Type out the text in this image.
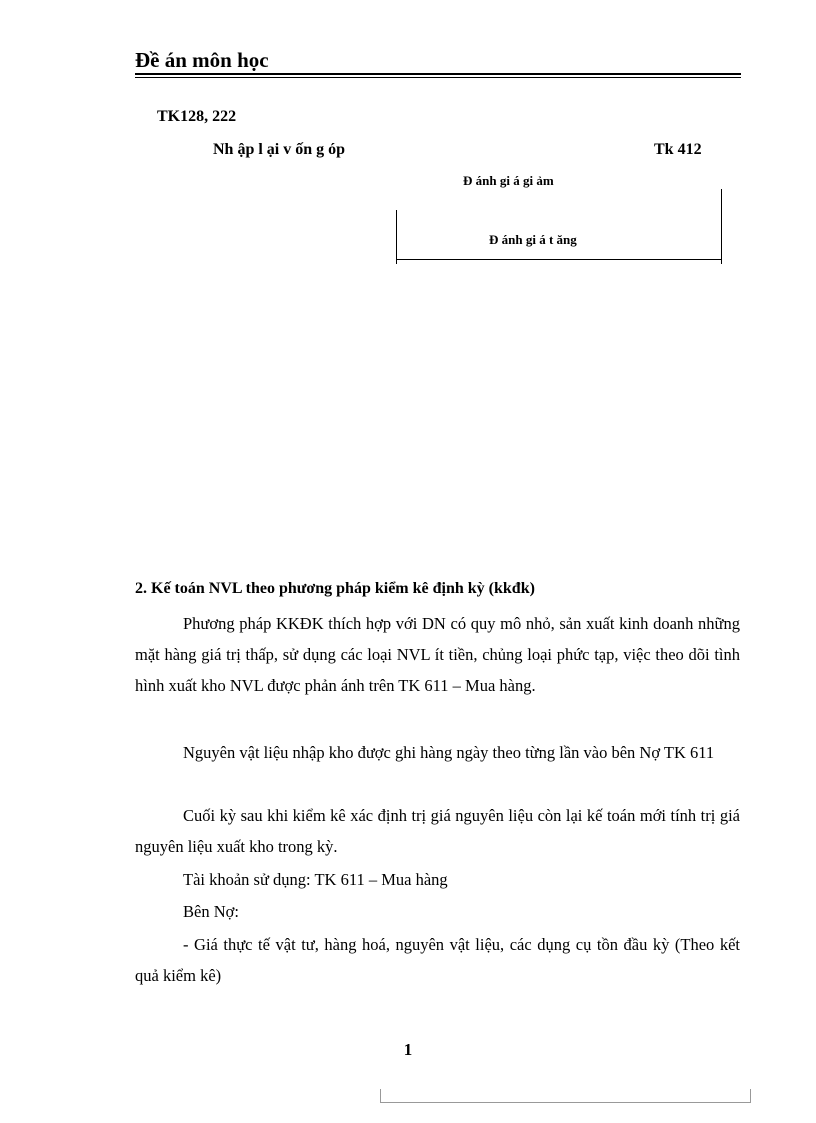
Đề án môn học
TK128, 222
Nh ập l ại v ốn g óp	Tk 412
Đ ánh gi á gi ảm
Đ ánh gi á t ăng
2. Kế toán NVL theo phương pháp kiểm kê định kỳ (kkđk)

Phương pháp KKĐK thích hợp với DN có quy mô nhỏ, sản xuất kinh doanh những mặt hàng giá trị thấp, sử dụng các loại NVL ít tiền, chủng loại phức tạp, việc theo dõi tình hình xuất kho NVL được phản ánh trên TK 611 – Mua hàng.

Nguyên vật liệu nhập kho được ghi hàng ngày theo từng lần vào bên Nợ TK 611

Cuối kỳ sau khi kiểm kê xác định trị giá nguyên liệu còn lại kế toán mới tính trị giá nguyên liệu xuất kho trong kỳ.

Tài khoản sử dụng: TK 611 – Mua hàng

Bên Nợ:

- Giá thực tế vật tư, hàng hoá, nguyên vật liệu, các dụng cụ tồn đầu kỳ (Theo kết quả kiểm kê)

1
